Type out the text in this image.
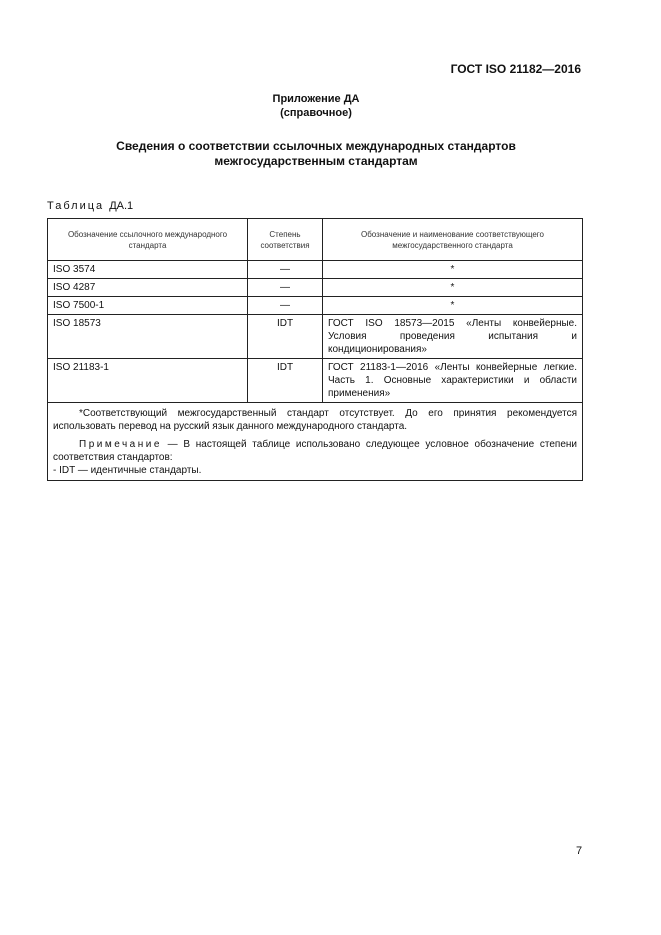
ГОСТ ISO 21182—2016
Приложение ДА
(справочное)
Сведения о соответствии ссылочных международных стандартов
межгосударственным стандартам
Таблица ДА.1
Обозначение ссылочного международного стандарта	Степень соответствия	Обозначение и наименование соответствующего межгосударственного стандарта
ISO 3574	—	*
ISO 4287	—	*
ISO 7500-1	—	*
ISO 18573	IDT	ГОСТ ISO 18573—2015 «Ленты конвейерные. Условия проведения испытания и кондиционирования»
ISO 21183-1	IDT	ГОСТ 21183-1—2016 «Ленты конвейерные легкие. Часть 1. Основные характеристики и области применения»

*Соответствующий межгосударственный стандарт отсутствует. До его принятия рекомендуется использовать перевод на русский язык данного международного стандарта.

Примечание — В настоящей таблице использовано следующее условное обозначение степени соответствия стандартов:

- IDT — идентичные стандарты.		

7
